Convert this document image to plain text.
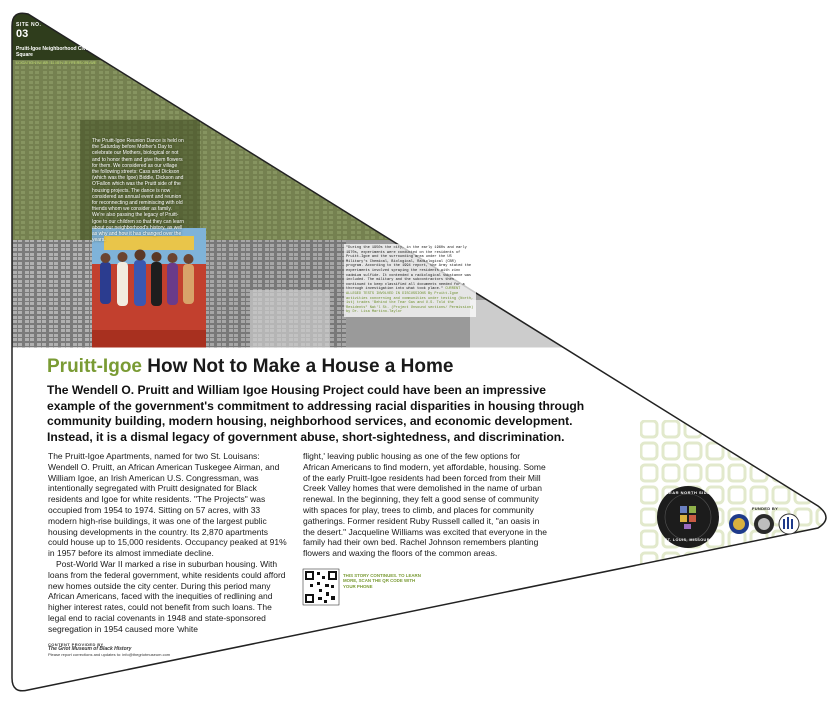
SITE NO.
03
Pruitt-Igoe Neighborhood Civic Square
LOCATION NEAR: 1100 N JEFFERSON AVE
The Pruitt-Igoe Reunion Dance is held on the Saturday before Mother's Day to celebrate our Mothers, biological or not and to honor them and give them flowers for them. We considered as our village the following streets: Cass and Dickson (which was the Igoe) Biddle, Dickson and O'Fallon which was the Pruitt side of the housing projects. The dance is now considered an annual event and reunion for reconnecting and reminiscing with old friends whom we consider as family. We're also passing the legacy of Pruitt-Igoe to our children so that they can learn about our neighborhood's history, as well as why and how it has changed over the years.
"During the 1950s the city, in the early 1960s and early 1970s, experiments were conducted on the residents of Pruitt-Igoe and the surrounding area under the US Military's Chemical, Biological, Radiological (CBR) program. According to the 1994 report, the Army stated the experiments involved spraying the residents with zinc cadmium sulfide. It contended a radiological substance was included. The military and the subcontractors then continued to keep classified all documents needed for a thorough investigation into what took place." CURRENT ALLEGED TESTS INVOLVED IN DISCUSSIONS By Pruitt-Igoe activities concerning and communities under testing (North, 1st) trades 'Behind the Tear Gas and U.S. Told the Residents" Nat'l St. (Project Unsound sections/ Permission) by Dr. Lisa Martino-Taylor
Pruitt-Igoe How Not to Make a House a Home
The Wendell O. Pruitt and William Igoe Housing Project could have been an impressive example of the government's commitment to addressing racial disparities in housing through community building, modern housing, neighborhood services, and economic development. Instead, it is a dismal legacy of government abuse, short-sightedness, and discrimination.
The Pruitt-Igoe Apartments, named for two St. Louisans: Wendell O. Pruitt, an African American Tuskegee Airman, and William Igoe, an Irish American U.S. Congressman, was intentionally segregated with Pruitt designated for Black residents and Igoe for white residents. "The Projects" was occupied from 1954 to 1974. Sitting on 57 acres, with 33 modern high-rise buildings, it was one of the largest public housing developments in the country. Its 2,870 apartments could house up to 15,000 residents. Occupancy peaked at 91% in 1957 before its almost immediate decline.
Post-World War II marked a rise in suburban housing. With loans from the federal government, white residents could afford new homes outside the city center. During this period many African Americans, faced with the inequities of redlining and higher interest rates, could not benefit from such loans. The legal end to racial covenants in 1948 and state-sponsored segregation in 1954 caused more 'white
flight,' leaving public housing as one of the few options for African Americans to find modern, yet affordable, housing. Some of the early Pruitt-Igoe residents had been forced from their Mill Creek Valley homes that were demolished in the name of urban renewal. In the beginning, they felt a good sense of community with spaces for play, trees to climb, and places for community gatherings. Former resident Ruby Russell called it, "an oasis in the desert." Jacqueline Williams was excited that everyone in the family had their own bed. Rachel Johnson remembers planting flowers and waxing the floors of the common areas.
THIS STORY CONTINUES. TO LEARN MORE, SCAN THE QR CODE WITH YOUR PHONE
CONTENT PROVIDED BY
The Griot Museum of Black History
Please report corrections and updates to: info@thegriotmuseum.com
NEAR NORTH SIDE
ST. LOUIS, MISSOURI
FUNDED BY
